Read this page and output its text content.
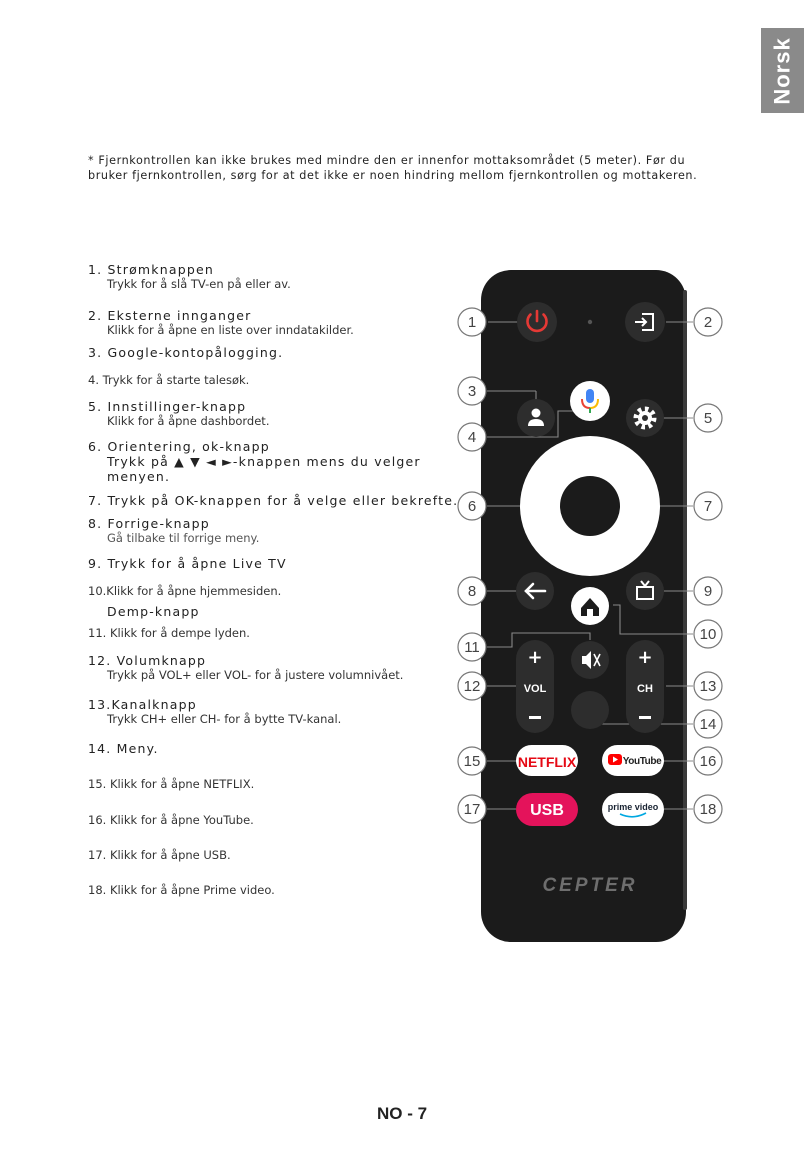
Norsk
* Fjernkontrollen kan ikke brukes med mindre den er innenfor mottaksområdet (5 meter). Før du bruker fjernkontrollen, sørg for at det ikke er noen hindring mellom fjernkontrollen og mottakeren.
1. Strømknappen
Trykk for å slå TV-en på eller av.
2. Eksterne innganger
Klikk for å åpne en liste over inndatakilder.
3. Google-kontopålogging.
4. Trykk for å starte talesøk.
5. Innstillinger-knapp
Klikk for å åpne dashbordet.
6. Orientering, ok-knapp
Trykk på ▲ ▼ ◄ ►-knappen mens du velger
menyen.
7. Trykk på OK-knappen for å velge eller bekrefte.
8. Forrige-knapp
Gå tilbake til forrige meny.
9. Trykk for å åpne Live TV
10.Klikk for å åpne hjemmesiden.
Demp-knapp
11. Klikk for å dempe lyden.
12. Volumknapp
Trykk på VOL+ eller VOL- for å justere volumnivået.
13.Kanalknapp
Trykk CH+ eller CH- for å bytte TV-kanal.
14. Meny.
15. Klikk for å åpne NETFLIX.
16. Klikk for å åpne YouTube.
17. Klikk for å åpne USB.
18. Klikk for å åpne Prime video.
+
VOL
+
CH
NETFLIX	YouTube
USB	prime video
CEPTER
1	2
3
4
5
6	7
8	9
10
11
12	13
14
15	16
17	18
NO - 7
